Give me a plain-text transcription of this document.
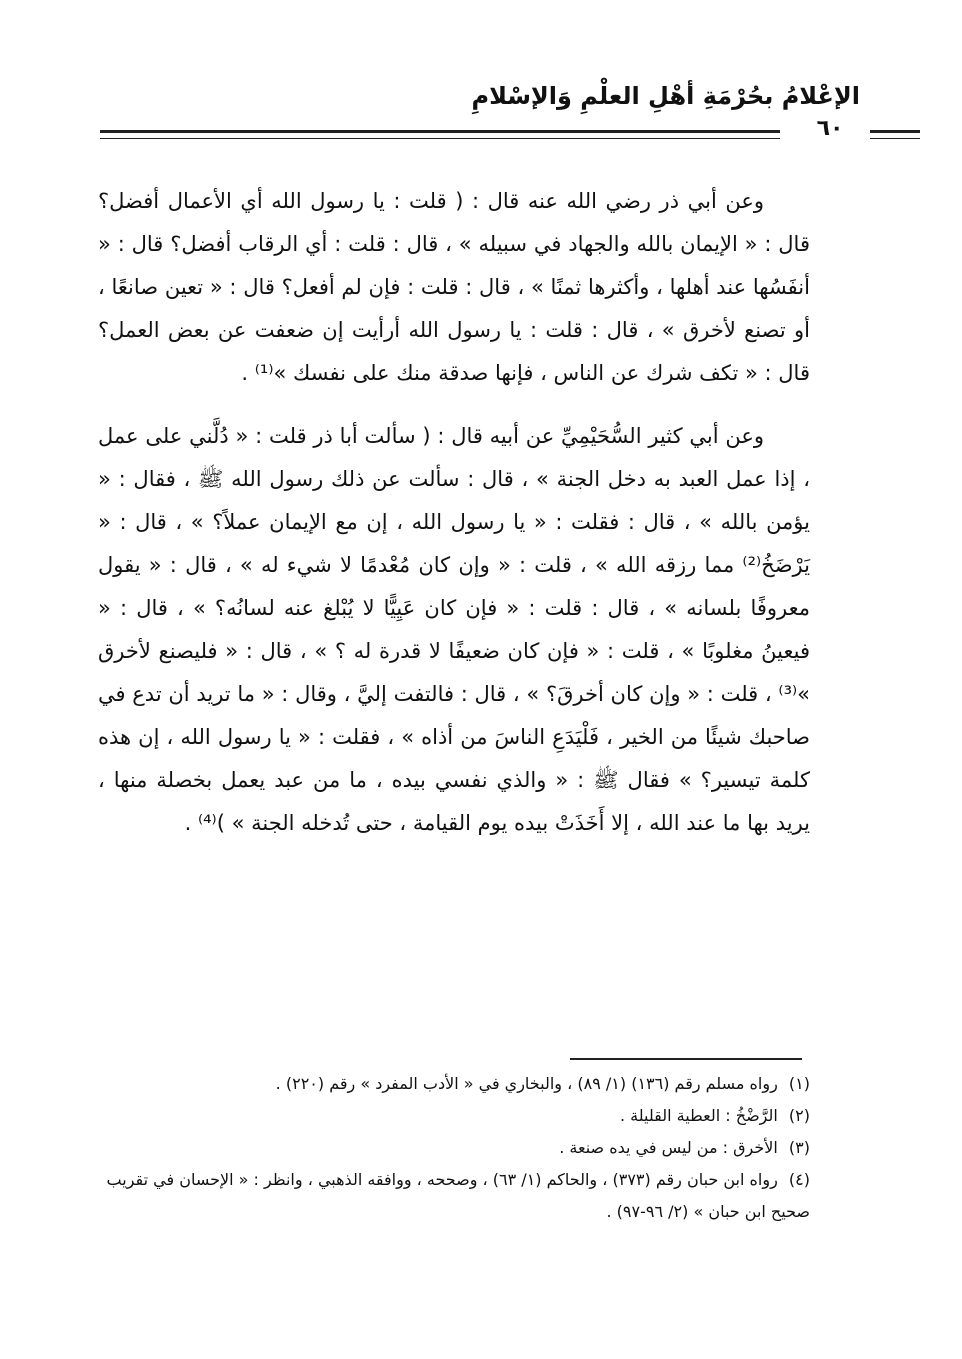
الإعْلامُ بحُرْمَةِ أهْلِ العلْمِ وَالإسْلامِ
٦٠

وعن أبي ذر رضي الله عنه قال : ( قلت : يا رسول الله أي الأعمال أفضل؟ قال : « الإيمان بالله والجهاد في سبيله » ، قال : قلت : أي الرقاب أفضل؟ قال : « أنفَسُها عند أهلها ، وأكثرها ثمنًا » ، قال : قلت : فإن لم أفعل؟ قال : « تعين صانعًا ، أو تصنع لأخرق » ، قال : قلت : يا رسول الله أرأيت إن ضعفت عن بعض العمل؟ قال : « تكف شرك عن الناس ، فإنها صدقة منك على نفسك »⁽¹⁾ .

وعن أبي كثير السُّحَيْمِيِّ عن أبيه قال : ( سألت أبا ذر قلت : « دُلَّني على عمل ، إذا عمل العبد به دخل الجنة » ، قال : سألت عن ذلك رسول الله ﷺ ، فقال : « يؤمن بالله » ، قال : فقلت : « يا رسول الله ، إن مع الإيمان عملاً؟ » ، قال : « يَرْضَخُ⁽²⁾ مما رزقه الله » ، قلت : « وإن كان مُعْدمًا لا شيء له » ، قال : « يقول معروفًا بلسانه » ، قال : قلت : « فإن كان عَيِيًّا لا يُبْلغ عنه لسانُه؟ » ، قال : « فيعينُ مغلوبًا » ، قلت : « فإن كان ضعيفًا لا قدرة له ؟ » ، قال : « فليصنع لأخرق »⁽³⁾ ، قلت : « وإن كان أخرقَ؟ » ، قال : فالتفت إليَّ ، وقال : « ما تريد أن تدع في صاحبك شيئًا من الخير ، فَلْيَدَعِ الناسَ من أذاه » ، فقلت : « يا رسول الله ، إن هذه كلمة تيسير؟ » فقال ﷺ : « والذي نفسي بيده ، ما من عبد يعمل بخصلة منها ، يريد بها ما عند الله ، إلا أَخَذَتْ بيده يوم القيامة ، حتى تُدخله الجنة » )⁽⁴⁾ .

(١) رواه مسلم رقم (١٣٦) (١/ ٨٩) ، والبخاري في « الأدب المفرد » رقم (٢٢٠) .

(٢) الرَّضْخُ : العطية القليلة .

(٣) الأخرق : من ليس في يده صنعة .

(٤) رواه ابن حبان رقم (٣٧٣) ، والحاكم (١/ ٦٣) ، وصححه ، ووافقه الذهبي ، وانظر : « الإحسان في تقريب صحيح ابن حبان » (٢/ ٩٦-٩٧) .
